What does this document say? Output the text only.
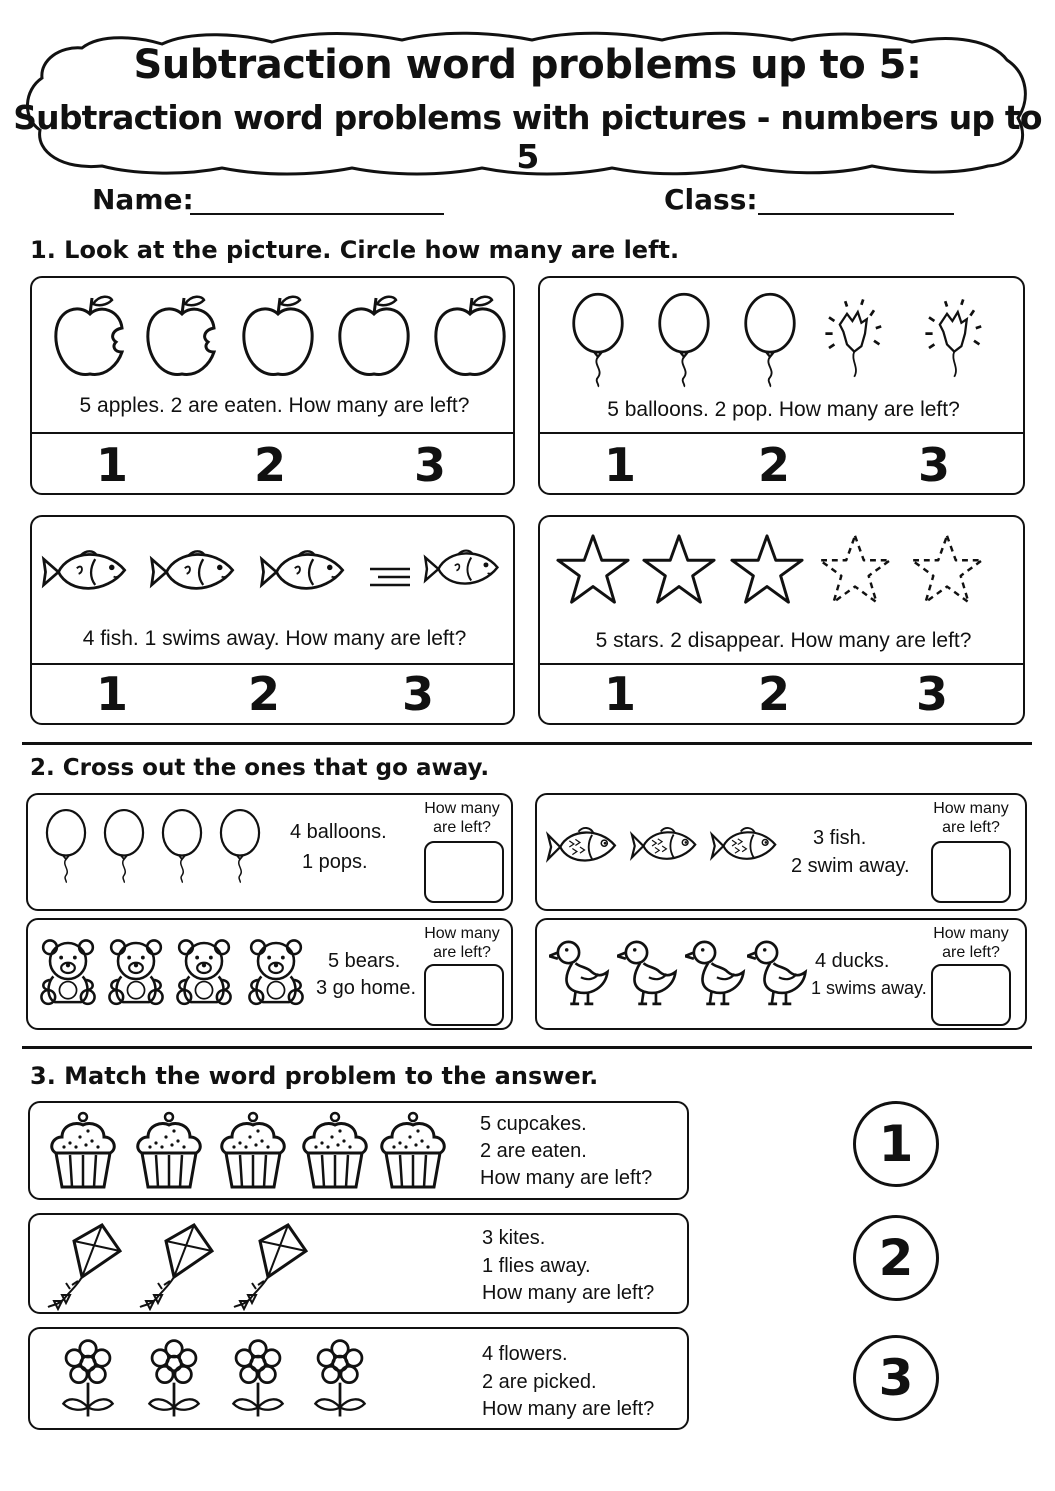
Subtraction word problems up to 5:
Subtraction word problems with pictures - numbers up to 5
Name:	Class:
1. Look at the picture. Circle how many are left.
5 apples. 2 are eaten. How many are left?
1	2	3
5 balloons. 2 pop. How many are left?
1	2	3
4 fish. 1 swims away. How many are left?
1	2	3
5 stars. 2 disappear. How many are left?
1	2	3
2. Cross out the ones that go away.
4 balloons.
1 pops.
How many are left?	3 fish.
2 swim away.
How many are left?
5 bears.
3 go home.
How many are left?	4 ducks.
1 swims away.
How many are left?
3. Match the word problem to the answer.
5 cupcakes.
2 are eaten.
How many are left?
3 kites.
1 flies away.
How many are left?
4 flowers.
2 are picked.
How many are left?
1
2
3
